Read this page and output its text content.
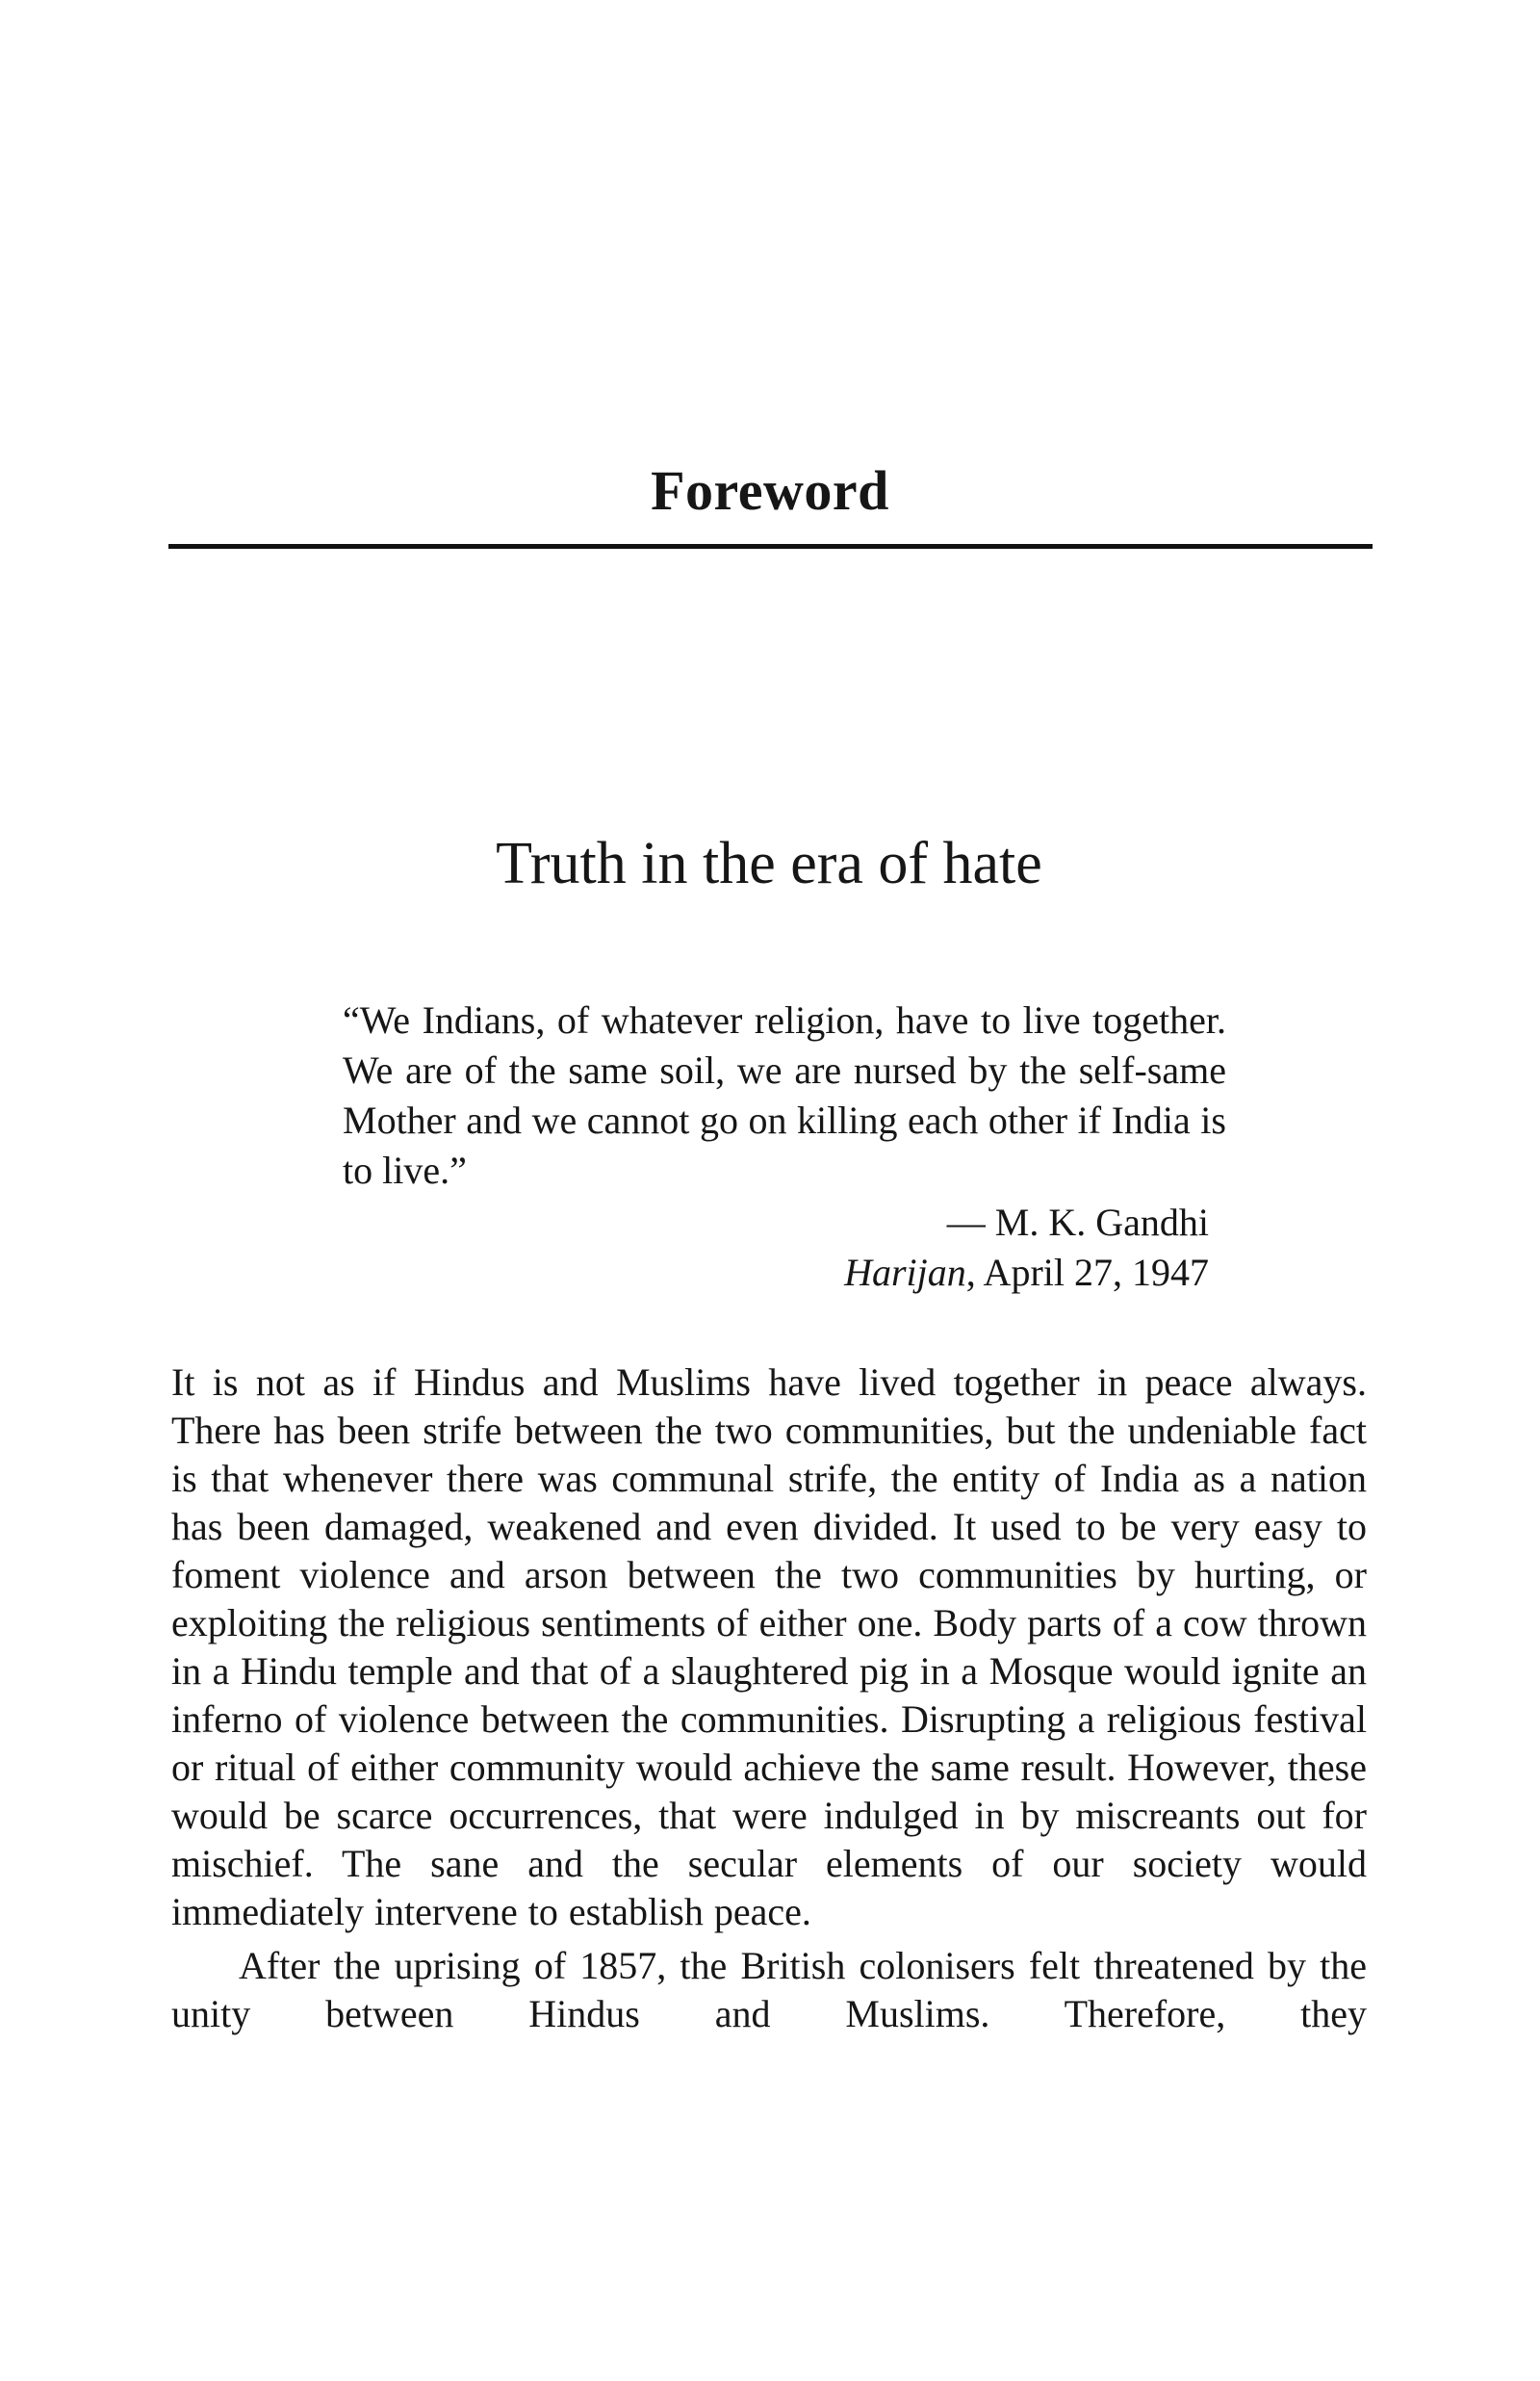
Foreword
Truth in the era of hate
“We Indians, of whatever religion, have to live together. We are of the same soil, we are nursed by the self-same Mother and we cannot go on killing each other if India is to live.”
— M. K. Gandhi
Harijan, April 27, 1947

It is not as if Hindus and Muslims have lived together in peace always. There has been strife between the two communities, but the undeniable fact is that whenever there was communal strife, the entity of India as a nation has been damaged, weakened and even divided. It used to be very easy to foment violence and arson between the two communities by hurting, or exploiting the religious sentiments of either one. Body parts of a cow thrown in a Hindu temple and that of a slaughtered pig in a Mosque would ignite an inferno of violence between the communities. Disrupting a religious festival or ritual of either community would achieve the same result. However, these would be scarce occurrences, that were indulged in by miscreants out for mischief. The sane and the secular elements of our society would immediately intervene to establish peace.

After the uprising of 1857, the British colonisers felt threatened by the unity between Hindus and Muslims. Therefore, they
